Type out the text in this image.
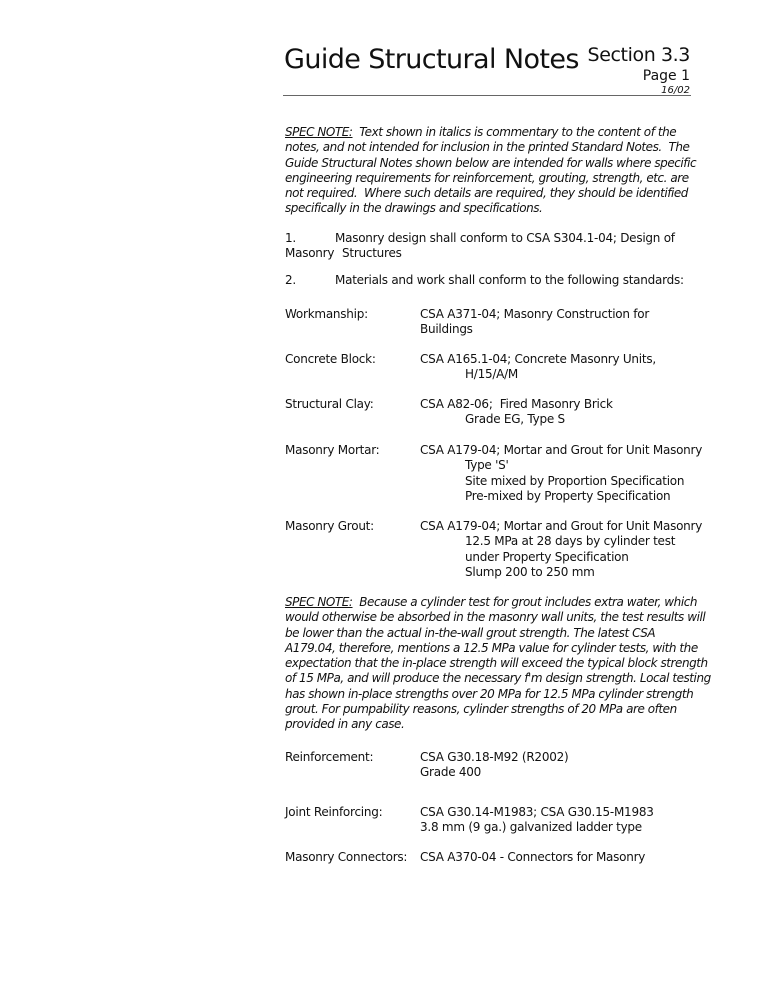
Guide Structural Notes Section 3.3
Page 1
16/02
SPEC NOTE:  Text shown in italics is commentary to the content of the
notes, and not intended for inclusion in the printed Standard Notes.  The
Guide Structural Notes shown below are intended for walls where specific
engineering requirements for reinforcement, grouting, strength, etc. are
not required.  Where such details are required, they should be identified
specifically in the drawings and specifications.
1.	Masonry design shall conform to CSA S304.1-04; Design of
Masonry Structures
2.	Materials and work shall conform to the following standards:
Workmanship:	CSA A371-04; Masonry Construction for
Buildings
Concrete Block:	CSA A165.1-04; Concrete Masonry Units,
H/15/A/M
Structural Clay:	CSA A82-06;  Fired Masonry Brick
Grade EG, Type S
Masonry Mortar:	CSA A179-04; Mortar and Grout for Unit Masonry
Type 'S'
Site mixed by Proportion Specification
Pre-mixed by Property Specification
Masonry Grout:	CSA A179-04; Mortar and Grout for Unit Masonry
12.5 MPa at 28 days by cylinder test
under Property Specification
Slump 200 to 250 mm
SPEC NOTE:  Because a cylinder test for grout includes extra water, which
would otherwise be absorbed in the masonry wall units, the test results will
be lower than the actual in-the-wall grout strength. The latest CSA
A179.04, therefore, mentions a 12.5 MPa value for cylinder tests, with the
expectation that the in-place strength will exceed the typical block strength
of 15 MPa, and will produce the necessary f'm design strength. Local testing
has shown in-place strengths over 20 MPa for 12.5 MPa cylinder strength
grout. For pumpability reasons, cylinder strengths of 20 MPa are often
provided in any case.
Reinforcement:	CSA G30.18-M92 (R2002)
Grade 400
Joint Reinforcing:	CSA G30.14-M1983; CSA G30.15-M1983
3.8 mm (9 ga.) galvanized ladder type
Masonry Connectors: CSA A370-04 - Connectors for Masonry
